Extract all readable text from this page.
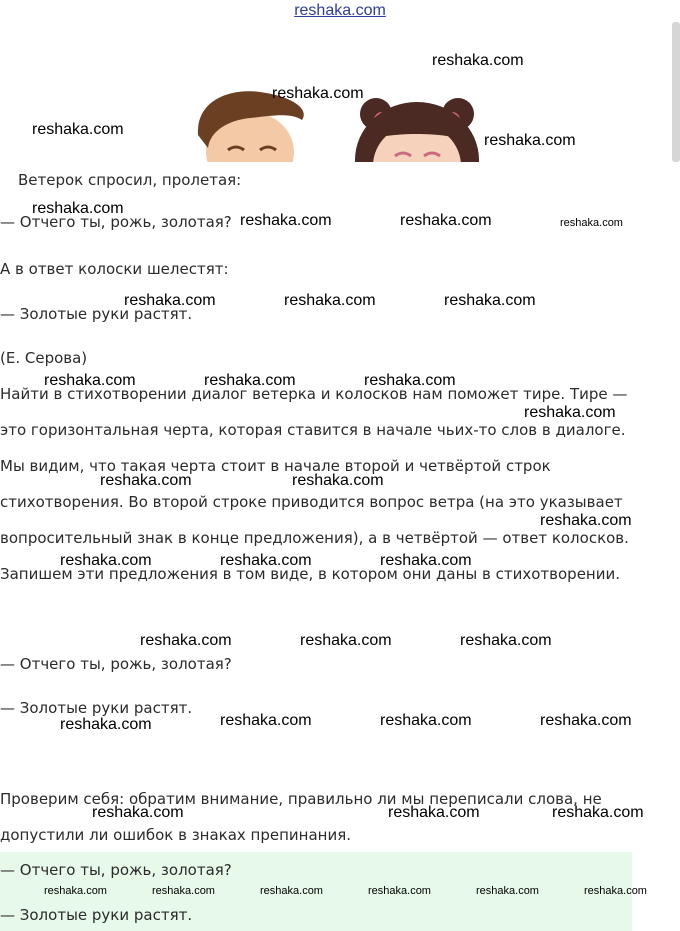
reshaka.com
Ветерок спросил, пролетая:
— Отчего ты, рожь, золотая?
А в ответ колоски шелестят:
— Золотые руки растят.
(Е. Серова)
Найти в стихотворении диалог ветерка и колосков нам поможет тире. Тире —
это горизонтальная черта, которая ставится в начале чьих-то слов в диалоге.
Мы видим, что такая черта стоит в начале второй и четвёртой строк
стихотворения. Во второй строке приводится вопрос ветра (на это указывает
вопросительный знак в конце предложения), а в четвёртой — ответ колосков.
Запишем эти предложения в том виде, в котором они даны в стихотворении.
— Отчего ты, рожь, золотая?
— Золотые руки растят.
Проверим себя: обратим внимание, правильно ли мы переписали слова, не
допустили ли ошибок в знаках препинания.
— Отчего ты, рожь, золотая?
— Золотые руки растят.
reshaka.com
reshaka.com
reshaka.com
reshaka.com
reshaka.com
reshaka.com	reshaka.com	reshaka.com
reshaka.com	reshaka.com	reshaka.com
reshaka.com	reshaka.com	reshaka.com
reshaka.com
reshaka.com	reshaka.com
reshaka.com
reshaka.com	reshaka.com	reshaka.com
reshaka.com	reshaka.com	reshaka.com
reshaka.com	reshaka.com	reshaka.com	reshaka.com
reshaka.com	reshaka.com	reshaka.com
reshaka.com	reshaka.com	reshaka.com	reshaka.com	reshaka.com	reshaka.com
